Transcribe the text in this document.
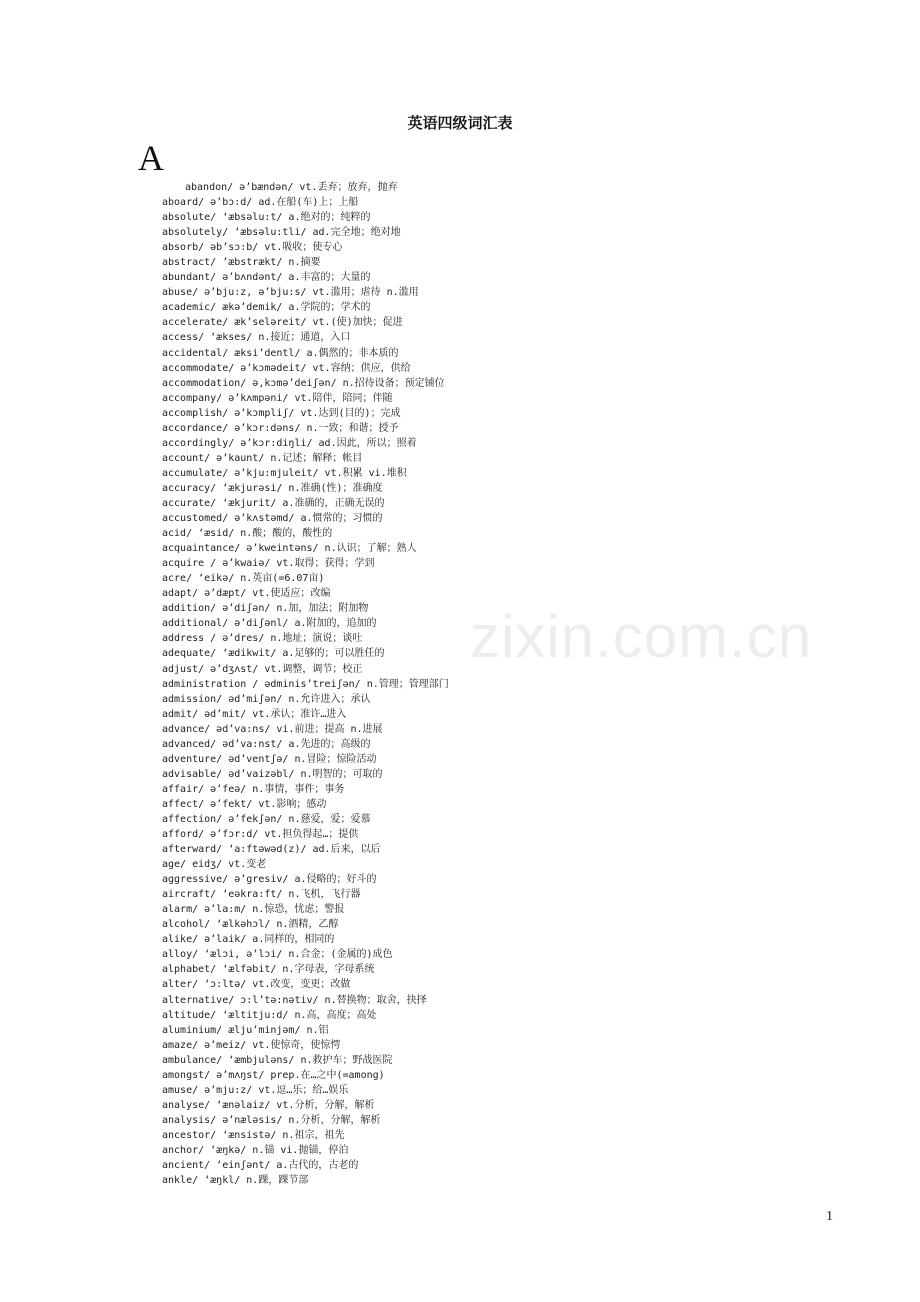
英语四级词汇表
A
abandon/ ə’bændən/ vt.丢弃；放弃，抛弃
aboard/ ə’bɔ:d/ ad.在船(车)上；上船
absolute/ ‘æbsəlu:t/ a.绝对的；纯粹的
absolutely/ ‘æbsəlu:tli/ ad.完全地；绝对地
absorb/ əb’sɔ:b/ vt.吸收；使专心
abstract/ ’æbstrækt/ n.摘要
abundant/ ə’bʌndənt/ a.丰富的；大量的
abuse/ ə’bju:z, ə’bju:s/ vt.滥用；虐待 n.滥用
academic/ ækə’demik/ a.学院的；学术的
accelerate/ æk’seləreit/ vt.(使)加快；促进
access/ ‘ækses/ n.接近；通道，入口
accidental/ æksi’dentl/ a.偶然的；非本质的
accommodate/ ə’kɔmədeit/ vt.容纳；供应，供给
accommodation/ ə,kɔmə’deiʃən/ n.招待设备；预定铺位
accompany/ ə’kʌmpəni/ vt.陪伴，陪同；伴随
accomplish/ ə’kɔmpliʃ/ vt.达到(目的)；完成
accordance/ ə’kɔr:dəns/ n.一致；和谐；授予
accordingly/ ə’kɔr:diŋli/ ad.因此，所以；照着
account/ ə’kaunt/ n.记述；解释；帐目
accumulate/ ə’kju:mjuleit/ vt.积累 vi.堆积
accuracy/ ‘ækjurəsi/ n.准确(性)；准确度
accurate/ ‘ækjurit/ a.准确的，正确无误的
accustomed/ ə’kʌstəmd/ a.惯常的；习惯的
acid/ ‘æsid/ n.酸；酸的，酸性的
acquaintance/ ə’kweintəns/ n.认识；了解；熟人
acquire / ə’kwaiə/ vt.取得；获得；学到
acre/ ‘eikə/ n.英亩(=6.07亩)
adapt/ ə’dæpt/ vt.使适应；改编
addition/ ə’diʃən/ n.加，加法；附加物
additional/ ə’diʃənl/ a.附加的，追加的
address / ə’dres/ n.地址；演说；谈吐
adequate/ ‘ædikwit/ a.足够的；可以胜任的
adjust/ ə’dʒʌst/ vt.调整，调节；校正
administration / ədminis’treiʃən/ n.管理；管理部门
admission/ əd’miʃən/ n.允许进入；承认
admit/ əd’mit/ vt.承认；准许…进入
advance/ əd’va:ns/ vi.前进；提高 n.进展
advanced/ əd’va:nst/ a.先进的；高级的
adventure/ əd’ventʃə/ n.冒险；惊险活动
advisable/ əd’vaizəbl/ n.明智的；可取的
affair/ ə’feə/ n.事情，事件；事务
affect/ ə’fekt/ vt.影响；感动
affection/ ə’fekʃən/ n.慈爱，爱；爱慕
afford/ ə’fɔr:d/ vt.担负得起…；提供
afterward/ ‘a:ftəwəd(z)/ ad.后来，以后
age/ eidʒ/ vt.变老
aggressive/ ə’gresiv/ a.侵略的；好斗的
aircraft/ ‘eəkra:ft/ n.飞机，飞行器
alarm/ ə’la:m/ n.惊恐，忧虑；警报
alcohol/ ‘ælkəhɔl/ n.酒精，乙醇
alike/ ə’laik/ a.同样的，相同的
alloy/ ‘ælɔi, ə’lɔi/ n.合金；(金属的)成色
alphabet/ ‘ælfəbit/ n.字母表，字母系统
alter/ ‘ɔ:ltə/ vt.改变，变更；改做
alternative/ ɔ:l’tə:nətiv/ n.替换物；取舍，抉择
altitude/ ‘æltitju:d/ n.高，高度；高处
aluminium/ ælju’minjəm/ n.铝
amaze/ ə’meiz/ vt.使惊奇，使惊愕
ambulance/ ‘æmbjuləns/ n.救护车；野战医院
amongst/ ə’mʌŋst/ prep.在…之中(=among)
amuse/ ə’mju:z/ vt.逗…乐；给…娱乐
analyse/ ‘ænəlaiz/ vt.分析，分解，解析
analysis/ ə’næləsis/ n.分析，分解，解析
ancestor/ ‘ænsistə/ n.祖宗，祖先
anchor/ ‘æŋkə/ n.锚 vi.抛锚，停泊
ancient/ ‘einʃənt/ a.古代的，古老的
ankle/ ‘æŋkl/ n.踝，踝节部
zixin.com.cn
1
